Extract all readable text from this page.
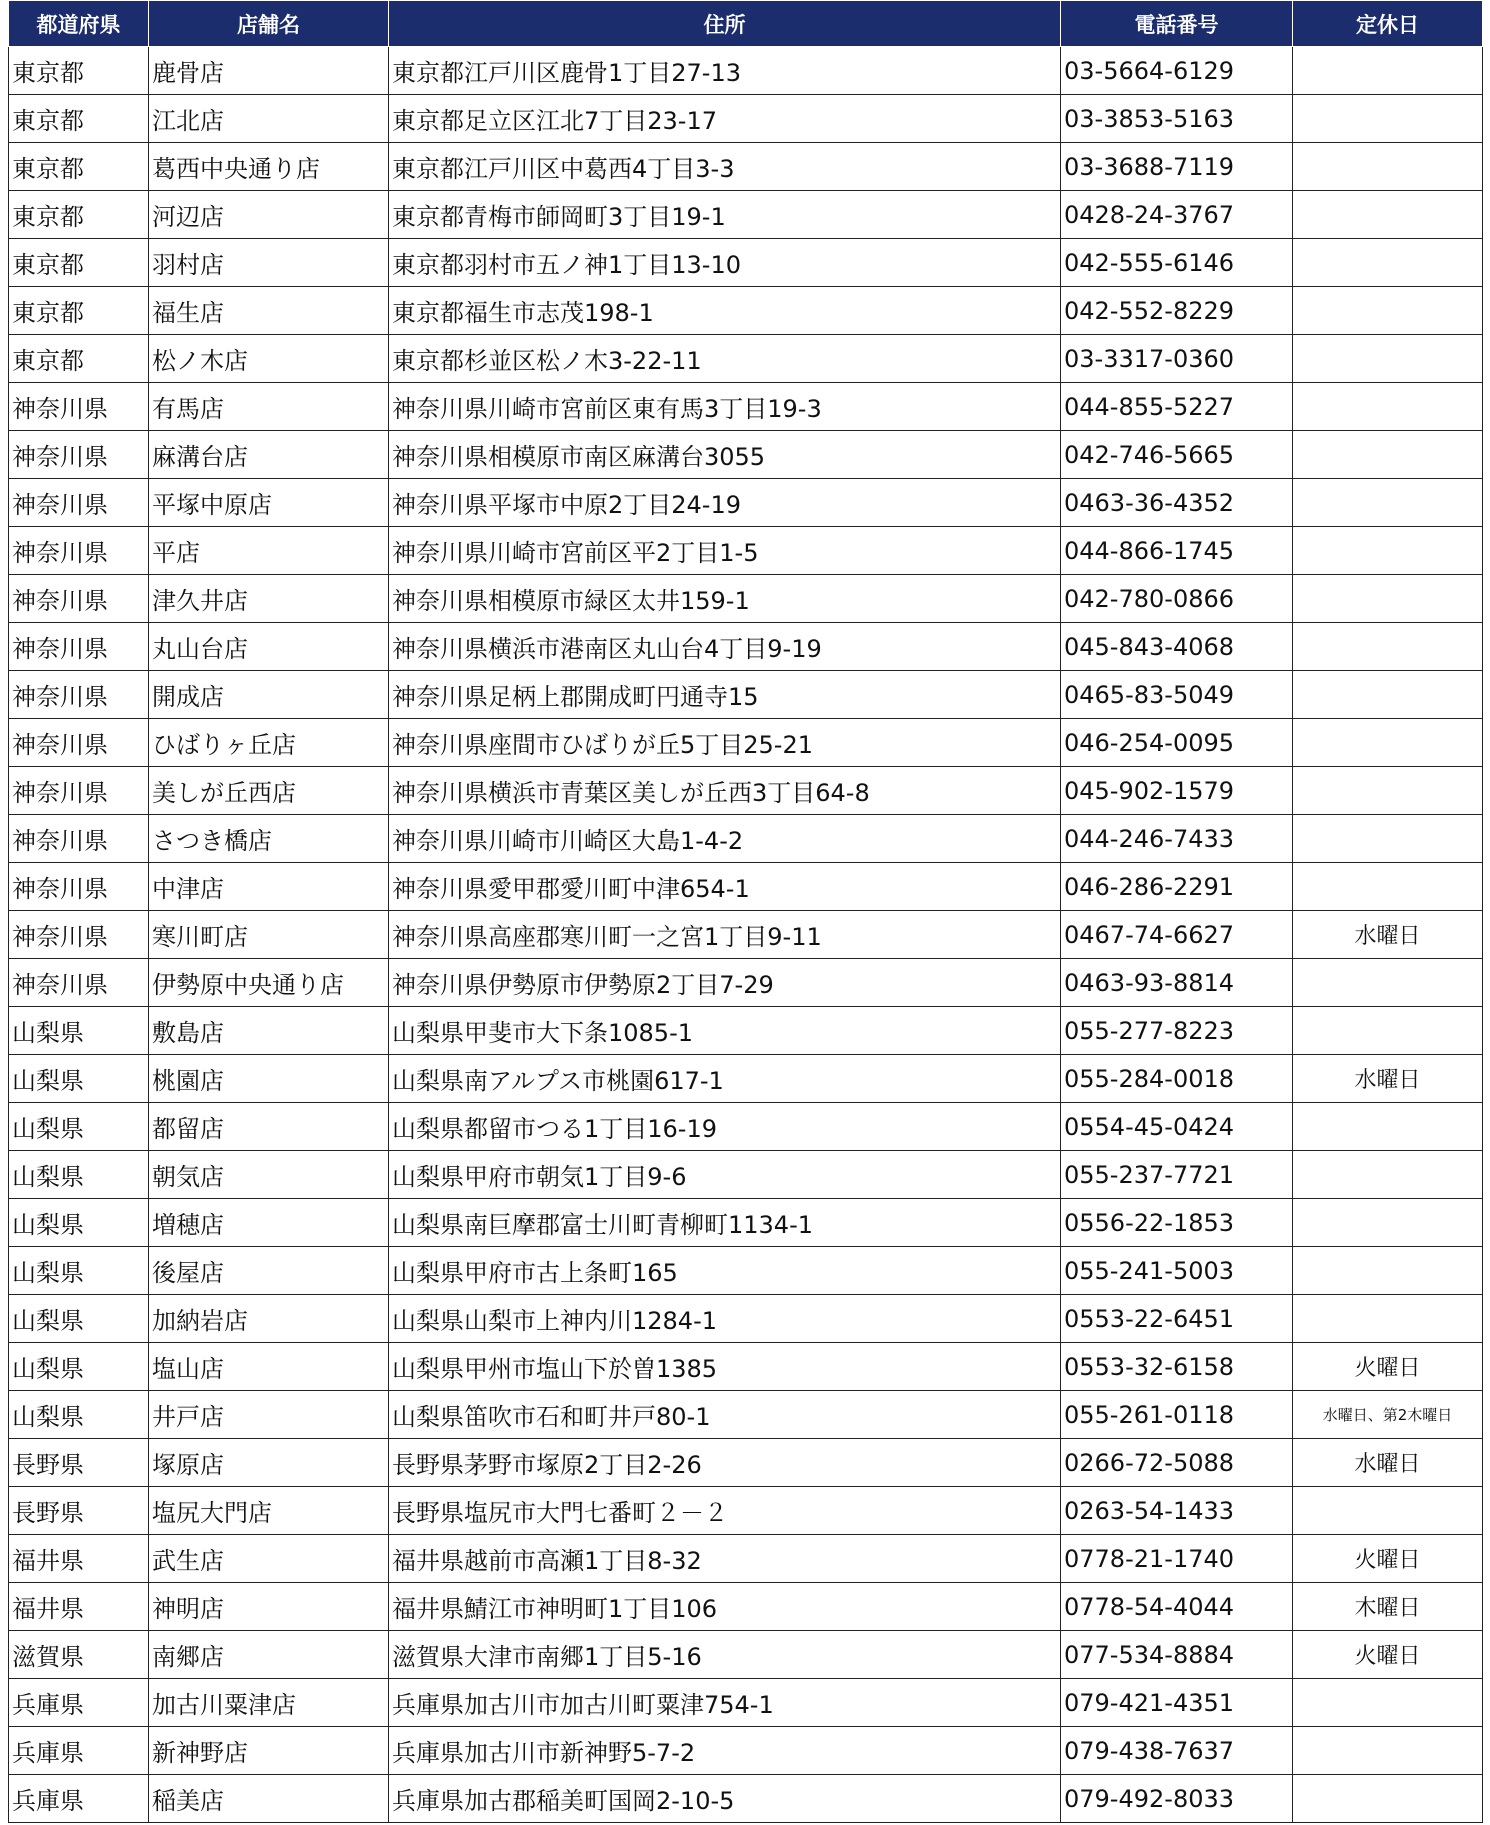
都道府県	店舗名	住所	電話番号	定休日
東京都	鹿骨店	東京都江戸川区鹿骨1丁目27-13	03-5664-6129	
東京都	江北店	東京都足立区江北7丁目23-17	03-3853-5163	
東京都	葛西中央通り店	東京都江戸川区中葛西4丁目3-3	03-3688-7119	
東京都	河辺店	東京都青梅市師岡町3丁目19-1	0428-24-3767	
東京都	羽村店	東京都羽村市五ノ神1丁目13-10	042-555-6146	
東京都	福生店	東京都福生市志茂198-1	042-552-8229	
東京都	松ノ木店	東京都杉並区松ノ木3-22-11	03-3317-0360	
神奈川県	有馬店	神奈川県川崎市宮前区東有馬3丁目19-3	044-855-5227	
神奈川県	麻溝台店	神奈川県相模原市南区麻溝台3055	042-746-5665	
神奈川県	平塚中原店	神奈川県平塚市中原2丁目24-19	0463-36-4352	
神奈川県	平店	神奈川県川崎市宮前区平2丁目1-5	044-866-1745	
神奈川県	津久井店	神奈川県相模原市緑区太井159-1	042-780-0866	
神奈川県	丸山台店	神奈川県横浜市港南区丸山台4丁目9-19	045-843-4068	
神奈川県	開成店	神奈川県足柄上郡開成町円通寺15	0465-83-5049	
神奈川県	ひばりヶ丘店	神奈川県座間市ひばりが丘5丁目25-21	046-254-0095	
神奈川県	美しが丘西店	神奈川県横浜市青葉区美しが丘西3丁目64-8	045-902-1579	
神奈川県	さつき橋店	神奈川県川崎市川崎区大島1-4-2	044-246-7433	
神奈川県	中津店	神奈川県愛甲郡愛川町中津654-1	046-286-2291	
神奈川県	寒川町店	神奈川県高座郡寒川町一之宮1丁目9-11	0467-74-6627	水曜日
神奈川県	伊勢原中央通り店	神奈川県伊勢原市伊勢原2丁目7-29	0463-93-8814	
山梨県	敷島店	山梨県甲斐市大下条1085-1	055-277-8223	
山梨県	桃園店	山梨県南アルプス市桃園617-1	055-284-0018	水曜日
山梨県	都留店	山梨県都留市つる1丁目16-19	0554-45-0424	
山梨県	朝気店	山梨県甲府市朝気1丁目9-6	055-237-7721	
山梨県	増穂店	山梨県南巨摩郡富士川町青柳町1134-1	0556-22-1853	
山梨県	後屋店	山梨県甲府市古上条町165	055-241-5003	
山梨県	加納岩店	山梨県山梨市上神内川1284-1	0553-22-6451	
山梨県	塩山店	山梨県甲州市塩山下於曽1385	0553-32-6158	火曜日
山梨県	井戸店	山梨県笛吹市石和町井戸80-1	055-261-0118	水曜日、第2木曜日
長野県	塚原店	長野県茅野市塚原2丁目2-26	0266-72-5088	水曜日
長野県	塩尻大門店	長野県塩尻市大門七番町２－２	0263-54-1433	
福井県	武生店	福井県越前市高瀬1丁目8-32	0778-21-1740	火曜日
福井県	神明店	福井県鯖江市神明町1丁目106	0778-54-4044	木曜日
滋賀県	南郷店	滋賀県大津市南郷1丁目5-16	077-534-8884	火曜日
兵庫県	加古川粟津店	兵庫県加古川市加古川町粟津754-1	079-421-4351	
兵庫県	新神野店	兵庫県加古川市新神野5-7-2	079-438-7637	
兵庫県	稲美店	兵庫県加古郡稲美町国岡2-10-5	079-492-8033	
